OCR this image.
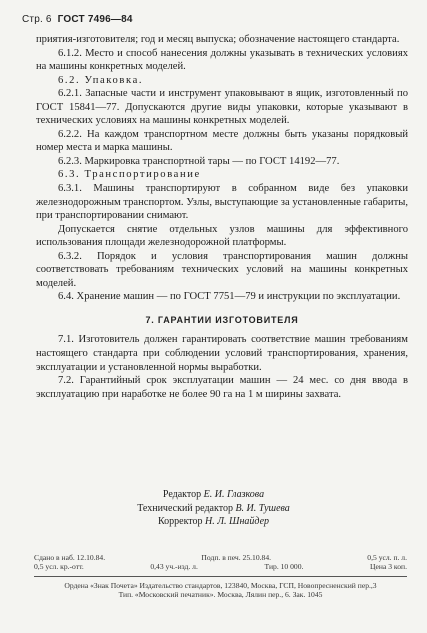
Стр. 6 ГОСТ 7496—84

приятия-изготовителя; год и месяц выпуска; обозначение настоящего стандарта.

6.1.2. Место и способ нанесения должны указывать в технических условиях на машины конкретных моделей.

6.2. Упаковка.

6.2.1. Запасные части и инструмент упаковывают в ящик, изготовленный по ГОСТ 15841—77. Допускаются другие виды упаковки, которые указывают в технических условиях на машины конкретных моделей.

6.2.2. На каждом транспортном месте должны быть указаны порядковый номер места и марка машины.

6.2.3. Маркировка транспортной тары — по ГОСТ 14192—77.

6.3. Транспортирование

6.3.1. Машины транспортируют в собранном виде без упаковки железнодорожным транспортом. Узлы, выступающие за установленные габариты, при транспортировании снимают.

Допускается снятие отдельных узлов машины для эффективного использования площади железнодорожной платформы.

6.3.2. Порядок и условия транспортирования машин должны соответствовать требованиям технических условий на машины конкретных моделей.

6.4. Хранение машин — по ГОСТ 7751—79 и инструкции по эксплуатации.

7. ГАРАНТИИ ИЗГОТОВИТЕЛЯ

7.1. Изготовитель должен гарантировать соответствие машин требованиям настоящего стандарта при соблюдении условий транспортирования, хранения, эксплуатации и установленной нормы выработки.

7.2. Гарантийный срок эксплуатации машин — 24 мес. со дня ввода в эксплуатацию при наработке не более 90 га на 1 м ширины захвата.

Редактор Е. И. Глазкова
Технический редактор В. И. Тушева
Корректор Н. Л. Шнайдер
Сдано в наб. 12.10.84.	Подп. в печ. 25.10.84.	0,5 усл. п. л.
0,5 усл. кр.-отт.	0,43 уч.-изд. л.	Тир. 10 000.	Цена 3 коп.
Ордена «Знак Почета» Издательство стандартов, 123840, Москва, ГСП, Новопресненский пер.,3
Тип. «Московский печатник». Москва, Лялин пер., 6. Зак. 1045
